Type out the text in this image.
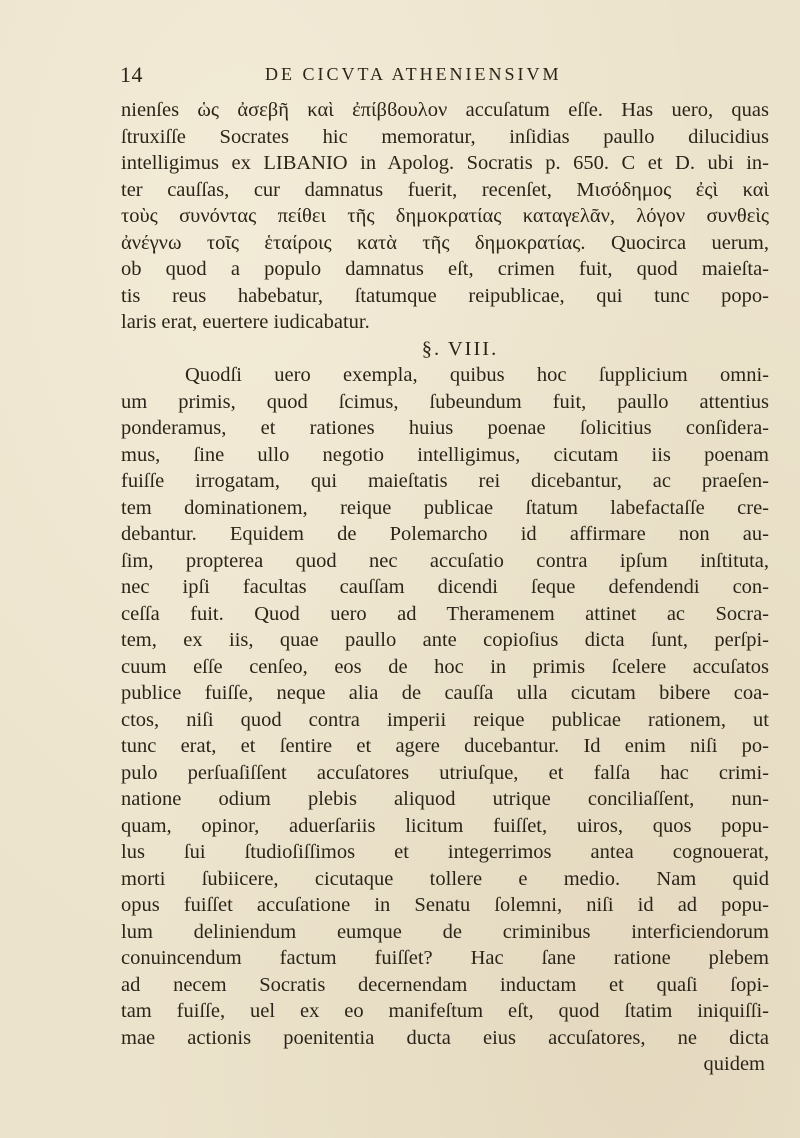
14	DE CICVTA ATHENIENSIVM
nienſes ὡς ἀσεβῆ καὶ ἐπίβϐουλον accuſatum eſſe. Has uero, quas
ſtruxiſſe Socrates hic memoratur, inſidias paullo dilucidius
intelligimus ex LIBANIO in Apolog. Socratis p. 650. C et D. ubi in-
ter cauſſas, cur damnatus fuerit, recenſet, Μισόδημος ἐςὶ καὶ
τοὺς συνόντας πείθει τῆς δημοκρατίας καταγελᾶν, λόγον συνθεὶς
ἀνέγνω τοῖς ἑταίροις κατὰ τῆς δημοκρατίας. Quocirca uerum,
ob quod a populo damnatus eſt, crimen fuit, quod maieſta-
tis reus habebatur, ſtatumque reipublicae, qui tunc popo-
laris erat, euertere iudicabatur.
§. VIII.
Quodſi uero exempla, quibus hoc ſupplicium omni-
um primis, quod ſcimus, ſubeundum fuit, paullo attentius
ponderamus, et rationes huius poenae ſolicitius conſidera-
mus, ſine ullo negotio intelligimus, cicutam iis poenam
fuiſſe irrogatam, qui maieſtatis rei dicebantur, ac praeſen-
tem dominationem, reique publicae ſtatum labefactaſſe cre-
debantur. Equidem de Polemarcho id affirmare non au-
ſim, propterea quod nec accuſatio contra ipſum inſtituta,
nec ipſi facultas cauſſam dicendi ſeque defendendi con-
ceſſa fuit. Quod uero ad Theramenem attinet ac Socra-
tem, ex iis, quae paullo ante copioſius dicta ſunt, perſpi-
cuum eſſe cenſeo, eos de hoc in primis ſcelere accuſatos
publice fuiſſe, neque alia de cauſſa ulla cicutam bibere coa-
ctos, niſi quod contra imperii reique publicae rationem, ut
tunc erat, et ſentire et agere ducebantur. Id enim niſi po-
pulo perſuaſiſſent accuſatores utriuſque, et falſa hac crimi-
natione odium plebis aliquod utrique conciliaſſent, nun-
quam, opinor, aduerſariis licitum fuiſſet, uiros, quos popu-
lus ſui ſtudioſiſſimos et integerrimos antea cognouerat,
morti ſubiicere, cicutaque tollere e medio. Nam quid
opus fuiſſet accuſatione in Senatu ſolemni, niſi id ad popu-
lum deliniendum eumque de criminibus interficiendorum
conuincendum factum fuiſſet? Hac ſane ratione plebem
ad necem Socratis decernendam inductam et quaſi ſopi-
tam fuiſſe, uel ex eo manifeſtum eſt, quod ſtatim iniquiſſi-
mae actionis poenitentia ducta eius accuſatores, ne dicta
quidem
